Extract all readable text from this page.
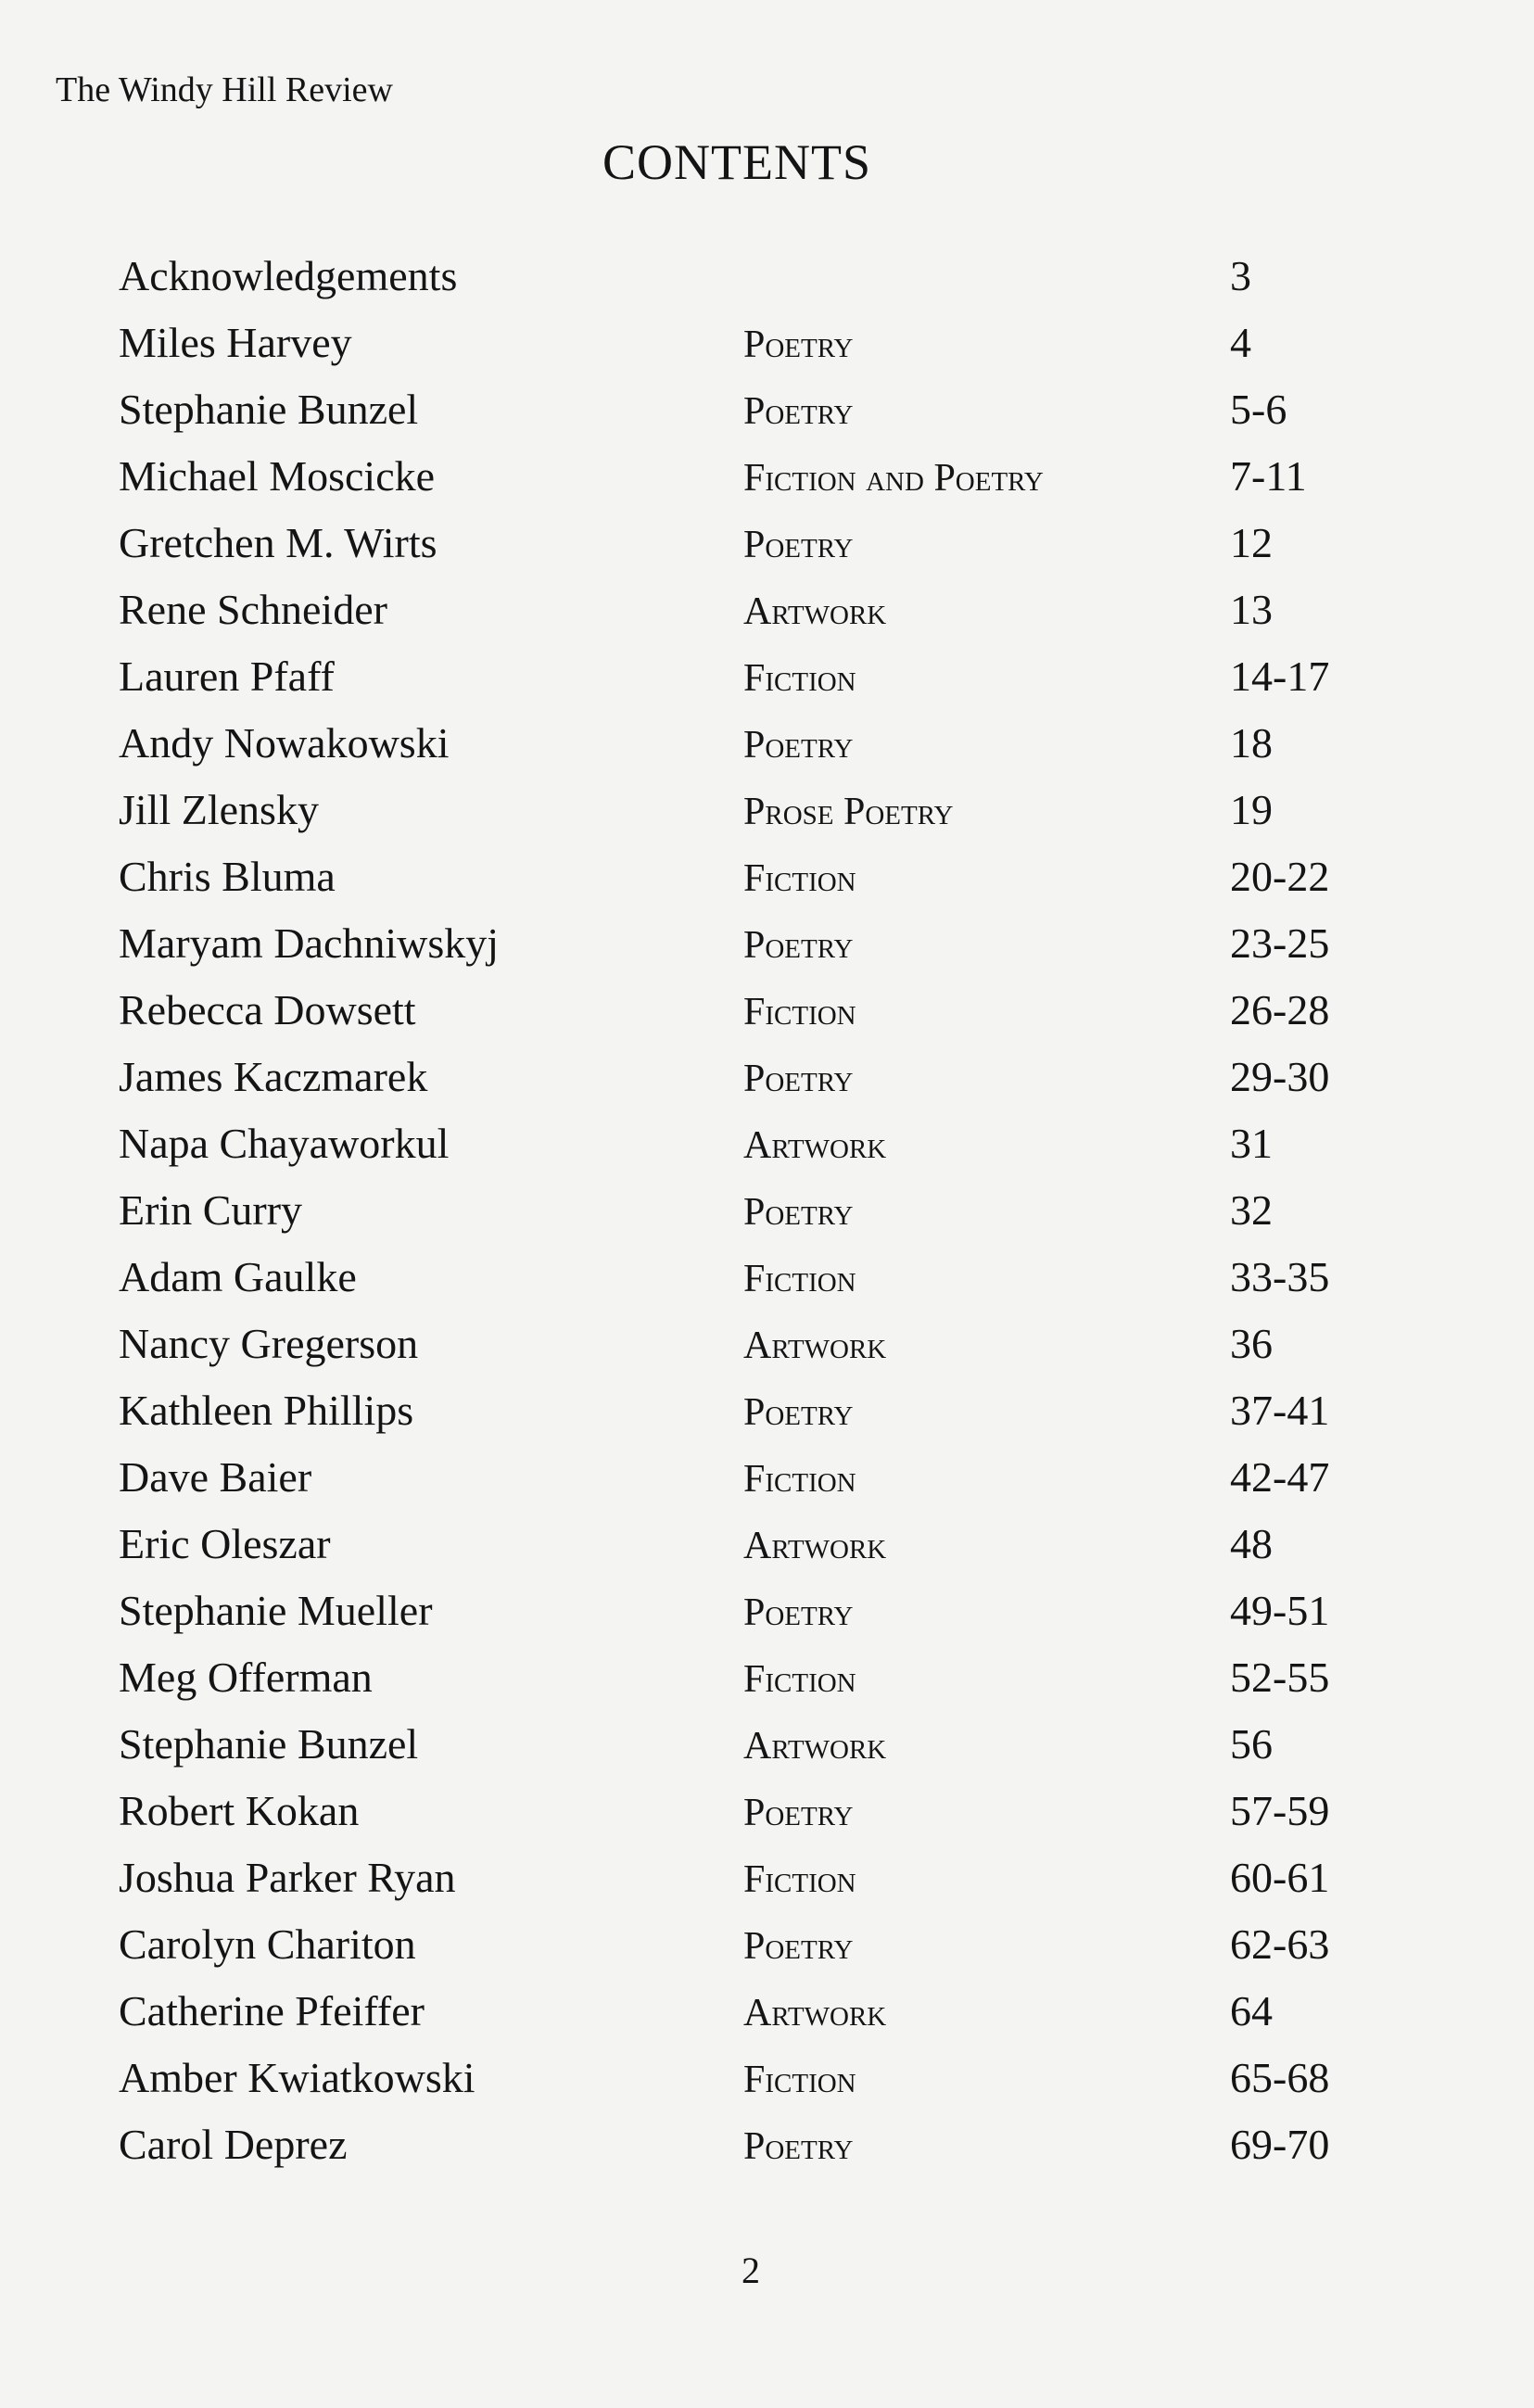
The Windy Hill Review
CONTENTS
Acknowledgements	3
Miles Harvey	Poetry	4
Stephanie Bunzel	Poetry	5-6
Michael Moscicke	Fiction and Poetry	7-11
Gretchen M. Wirts	Poetry	12
Rene Schneider	Artwork	13
Lauren Pfaff	Fiction	14-17
Andy Nowakowski	Poetry	18
Jill Zlensky	Prose Poetry	19
Chris Bluma	Fiction	20-22
Maryam Dachniwskyj	Poetry	23-25
Rebecca Dowsett	Fiction	26-28
James Kaczmarek	Poetry	29-30
Napa Chayaworkul	Artwork	31
Erin Curry	Poetry	32
Adam Gaulke	Fiction	33-35
Nancy Gregerson	Artwork	36
Kathleen Phillips	Poetry	37-41
Dave Baier	Fiction	42-47
Eric Oleszar	Artwork	48
Stephanie Mueller	Poetry	49-51
Meg Offerman	Fiction	52-55
Stephanie Bunzel	Artwork	56
Robert Kokan	Poetry	57-59
Joshua Parker Ryan	Fiction	60-61
Carolyn Chariton	Poetry	62-63
Catherine Pfeiffer	Artwork	64
Amber Kwiatkowski	Fiction	65-68
Carol Deprez	Poetry	69-70
2
